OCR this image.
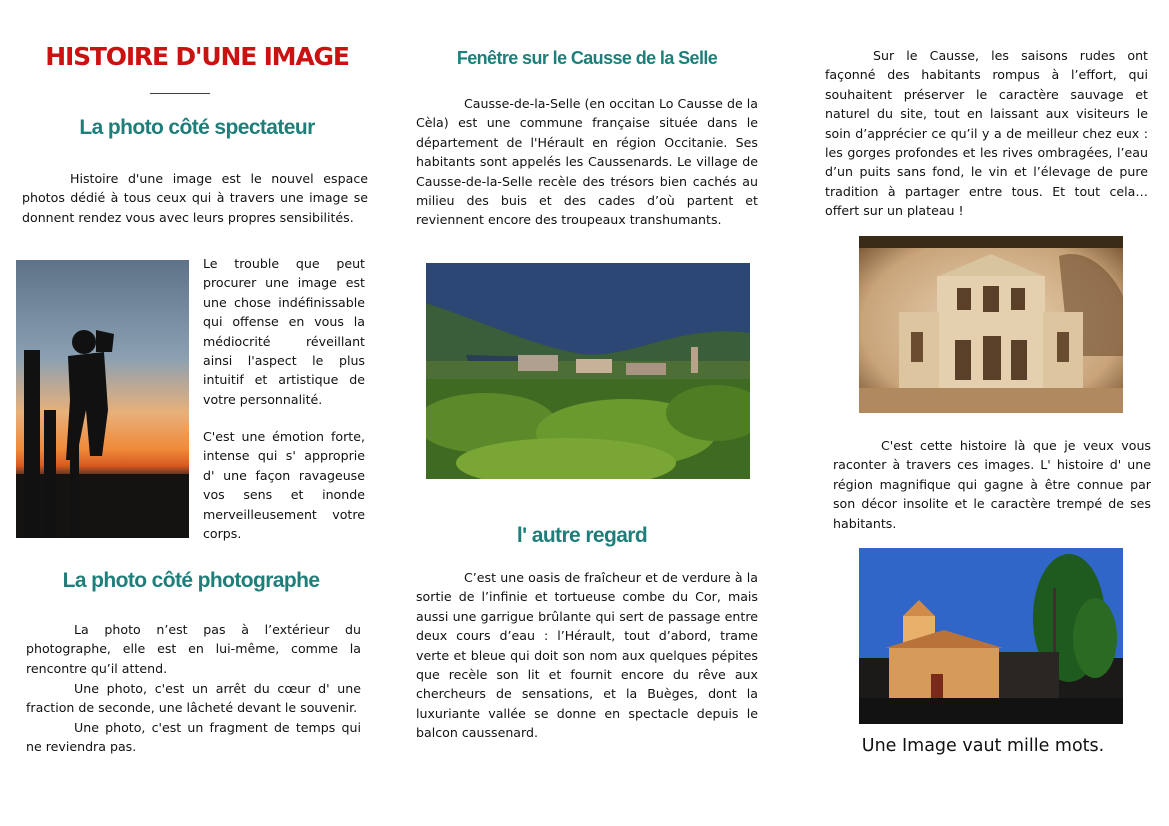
HISTOIRE D'UNE IMAGE
__________
La photo côté spectateur

Histoire d'une image est le nouvel espace photos dédié à tous ceux qui à travers une image se donnent rendez vous avec leurs propres sensibilités.

Le trouble que peut procurer une image est une chose indéfinissable qui offense en vous la médiocrité réveillant ainsi l'aspect le plus intuitif et artistique de votre personnalité.

C'est une émotion forte, intense qui s' approprie d' une façon ravageuse vos sens et inonde merveilleusement votre corps.

La photo côté photographe

La photo n’est pas à l’extérieur du photographe, elle est en lui-même, comme la rencontre qu’il attend.

Une photo, c'est un arrêt du cœur d' une fraction de seconde, une lâcheté devant le souvenir.

Une photo, c'est un fragment de temps qui ne reviendra pas.

Fenêtre sur le Causse de la Selle

Causse-de-la-Selle (en occitan Lo Causse de la Cèla) est une commune française située dans le département de l'Hérault en région Occitanie. Ses habitants sont appelés les Caussenards. Le village de Causse-de-la-Selle recèle des trésors bien cachés au milieu des buis et des cades d’où partent et reviennent encore des troupeaux transhumants.

l' autre regard

C’est une oasis de fraîcheur et de verdure à la sortie de l’infinie et tortueuse combe du Cor, mais aussi une garrigue brûlante qui sert de passage entre deux cours d’eau : l’Hérault, tout d’abord, trame verte et bleue qui doit son nom aux quelques pépites que recèle son lit et fournit encore du rêve aux chercheurs de sensations, et la Buèges, dont la luxuriante vallée se donne en spectacle depuis le balcon caussenard.

Sur le Causse, les saisons rudes ont façonné des habitants rompus à l’effort, qui souhaitent préserver le caractère sauvage et naturel du site, tout en laissant aux visiteurs le soin d’apprécier ce qu’il y a de meilleur chez eux : les gorges profondes et les rives ombragées, l’eau d’un puits sans fond, le vin et l’élevage de pure tradition à partager entre tous. Et tout cela… offert sur un plateau !

C'est cette histoire là que je veux vous raconter à travers ces images. L' histoire d' une région magnifique qui gagne à être connue par son décor insolite et le caractère trempé de ses habitants.

Une Image vaut mille mots.
